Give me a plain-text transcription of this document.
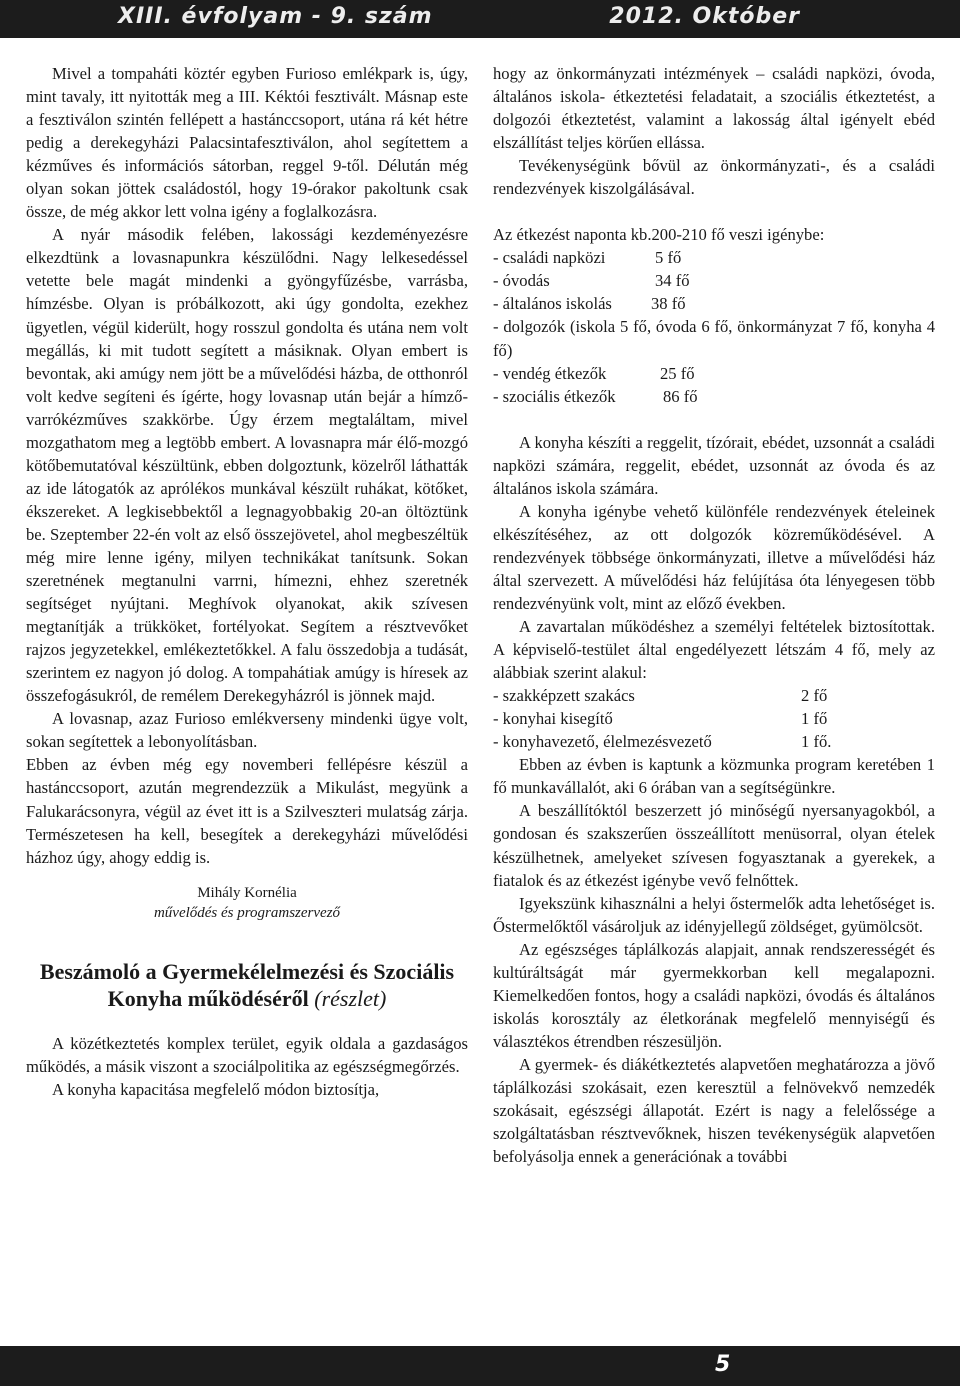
XIII. évfolyam - 9. szám	2012. Október

Mivel a tompaháti köztér egyben Furioso emlékpark is, úgy, mint tavaly, itt nyitották meg a III. Kéktói fesztivált. Másnap este a fesztiválon szintén fellépett a hastánccsoport, utána rá két hétre pedig a derekegyházi Palacsintafesztiválon, ahol segítettem a kézműves és információs sátorban, reggel 9-től. Délután még olyan sokan jöttek családostól, hogy 19-órakor pakoltunk csak össze, de még akkor lett volna igény a foglalkozásra.

A nyár második felében, lakossági kezdeményezésre elkezdtünk a lovasnapunkra készülődni. Nagy lelkesedéssel vetette bele magát mindenki a gyöngyfűzésbe, varrásba, hímzésbe. Olyan is próbálkozott, aki úgy gondolta, ezekhez ügyetlen, végül kiderült, hogy rosszul gondolta és utána nem volt megállás, ki mit tudott segített a másiknak. Olyan embert is bevontak, aki amúgy nem jött be a művelődési házba, de otthonról volt kedve segíteni és ígérte, hogy lovasnap után bejár a hímző-varrókézműves szakkörbe. Úgy érzem megtaláltam, mivel mozgathatom meg a legtöbb embert. A lovasnapra már élő-mozgó kötőbemutatóval készültünk, ebben dolgoztunk, közelről láthatták az ide látogatók az aprólékos munkával készült ruhákat, kötőket, ékszereket. A legkisebbektől a legnagyobbakig 20-an öltöztünk be. Szeptember 22-én volt az első összejövetel, ahol megbeszéltük még mire lenne igény, milyen technikákat tanítsunk. Sokan szeretnének megtanulni varrni, hímezni, ehhez szeretnék segítséget nyújtani. Meghívok olyanokat, akik szívesen megtanítják a trükköket, fortélyokat. Segítem a résztvevőket rajzos jegyzetekkel, emlékeztetőkkel. A falu összedobja a tudását, szerintem ez nagyon jó dolog. A tompahátiak amúgy is híresek az összefogásukról, de remélem Derekegyházról is jönnek majd.

A lovasnap, azaz Furioso emlékverseny mindenki ügye volt, sokan segítettek a lebonyolításban.

Ebben az évben még egy novemberi fellépésre készül a hastánccsoport, azután megrendezzük a Mikulást, megyünk a Falukarácsonyra, végül az évet itt is a Szilveszteri mulatság zárja. Természetesen ha kell, besegítek a derekegyházi művelődési házhoz úgy, ahogy eddig is.

Mihály Kornélia
művelődés és programszervező
Beszámoló a Gyermekélelmezési és Szociális Konyha működéséről (részlet)

A közétkeztetés komplex terület, egyik oldala a gazdaságos működés, a másik viszont a szociálpolitika az egészségmegőrzés.

A konyha kapacitása megfelelő módon biztosítja,

hogy az önkormányzati intézmények – családi napközi, óvoda, általános iskola- étkeztetési feladatait, a szociális étkeztetést, a dolgozói étkeztetést, valamint a lakosság által igényelt ebéd elszállítást teljes körűen ellássa.

Tevékenységünk bővül az önkormányzati-, és a családi rendezvények kiszolgálásával.

Az étkezést naponta kb.200-210 fő veszi igénybe:

- családi napközi	5 fő
- óvodás	34 fő
- általános iskolás	38 fő
- dolgozók (iskola 5 fő, óvoda 6 fő, önkormányzat 7 fő, konyha 4 fő)
- vendég étkezők	25 fő
- szociális étkezők	86 fő

A konyha készíti a reggelit, tízórait, ebédet, uzsonnát a családi napközi számára, reggelit, ebédet, uzsonnát az óvoda és az általános iskola számára.

A konyha igénybe vehető különféle rendezvények ételeinek elkészítéséhez, az ott dolgozók közreműködésével. A rendezvények többsége önkormányzati, illetve a művelődési ház által szervezett. A művelődési ház felújítása óta lényegesen több rendezvényünk volt, mint az előző években.

A zavartalan működéshez a személyi feltételek biztosítottak. A képviselő-testület által engedélyezett létszám 4 fő, mely az alábbiak szerint alakul:

- szakképzett szakács	2 fő
- konyhai kisegítő	1 fő
- konyhavezető, élelmezésvezető	1 fő.

Ebben az évben is kaptunk a közmunka program keretében 1 fő munkavállalót, aki 6 órában van a segítségünkre.

A beszállítóktól beszerzett jó minőségű nyersanyagokból, a gondosan és szakszerűen összeállított menüsorral, olyan ételek készülhetnek, amelyeket szívesen fogyasztanak a gyerekek, a fiatalok és az étkezést igénybe vevő felnőttek.

Igyekszünk kihasználni a helyi őstermelők adta lehetőséget is. Őstermelőktől vásároljuk az idényjellegű zöldséget, gyümölcsöt.

Az egészséges táplálkozás alapjait, annak rendszerességét és kultúráltságát már gyermekkorban kell megalapozni. Kiemelkedően fontos, hogy a családi napközi, óvodás és általános iskolás korosztály az életkorának megfelelő mennyiségű és választékos étrendben részesüljön.

A gyermek- és diákétkeztetés alapvetően meghatározza a jövő táplálkozási szokásait, ezen keresztül a felnövekvő nemzedék szokásait, egészségi állapotát. Ezért is nagy a felelőssége a szolgáltatásban résztvevőknek, hiszen tevékenységük alapvetően befolyásolja ennek a generációnak a további

5
